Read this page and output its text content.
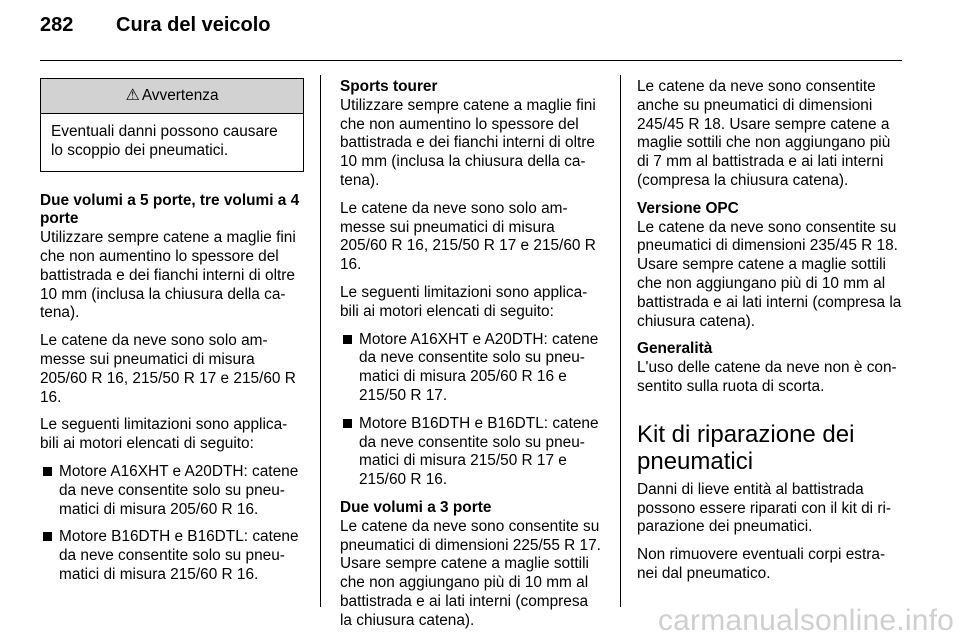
282 Cura del veicolo
⚠ Avvertenza
Eventuali danni possono causare lo scoppio dei pneumatici.

Due volumi a 5 porte, tre volumi a 4 porte

Utilizzare sempre catene a maglie fini che non aumentino lo spessore del battistrada e dei fianchi interni di oltre 10 mm (inclusa la chiusura della ca-tena).

Le catene da neve sono solo am-messe sui pneumatici di misura 205/60 R 16, 215/50 R 17 e 215/60 R 16.

Le seguenti limitazioni sono applica-bili ai motori elencati di seguito:

Motore A16XHT e A20DTH: catene da neve consentite solo su pneu-matici di misura 205/60 R 16.
Motore B16DTH e B16DTL: catene da neve consentite solo su pneu-matici di misura 215/60 R 16.

Sports tourer

Utilizzare sempre catene a maglie fini che non aumentino lo spessore del battistrada e dei fianchi interni di oltre 10 mm (inclusa la chiusura della ca-tena).

Le catene da neve sono solo am-messe sui pneumatici di misura 205/60 R 16, 215/50 R 17 e 215/60 R 16.

Le seguenti limitazioni sono applica-bili ai motori elencati di seguito:

Motore A16XHT e A20DTH: catene da neve consentite solo su pneu-matici di misura 205/60 R 16 e 215/50 R 17.
Motore B16DTH e B16DTL: catene da neve consentite solo su pneu-matici di misura 215/50 R 17 e 215/60 R 16.

Due volumi a 3 porte

Le catene da neve sono consentite su pneumatici di dimensioni 225/55 R 17. Usare sempre catene a maglie sottili che non aggiungano più di 10 mm al battistrada e ai lati interni (compresa la chiusura catena).

Le catene da neve sono consentite anche su pneumatici di dimensioni 245/45 R 18. Usare sempre catene a maglie sottili che non aggiungano più di 7 mm al battistrada e ai lati interni (compresa la chiusura catena).

Versione OPC

Le catene da neve sono consentite su pneumatici di dimensioni 235/45 R 18. Usare sempre catene a maglie sottili che non aggiungano più di 10 mm al battistrada e ai lati interni (compresa la chiusura catena).

Generalità

L'uso delle catene da neve non è con-sentito sulla ruota di scorta.

Kit di riparazione dei pneumatici

Danni di lieve entità al battistrada possono essere riparati con il kit di ri-parazione dei pneumatici.

Non rimuovere eventuali corpi estra-nei dal pneumatico.

carmanualsonline.info
